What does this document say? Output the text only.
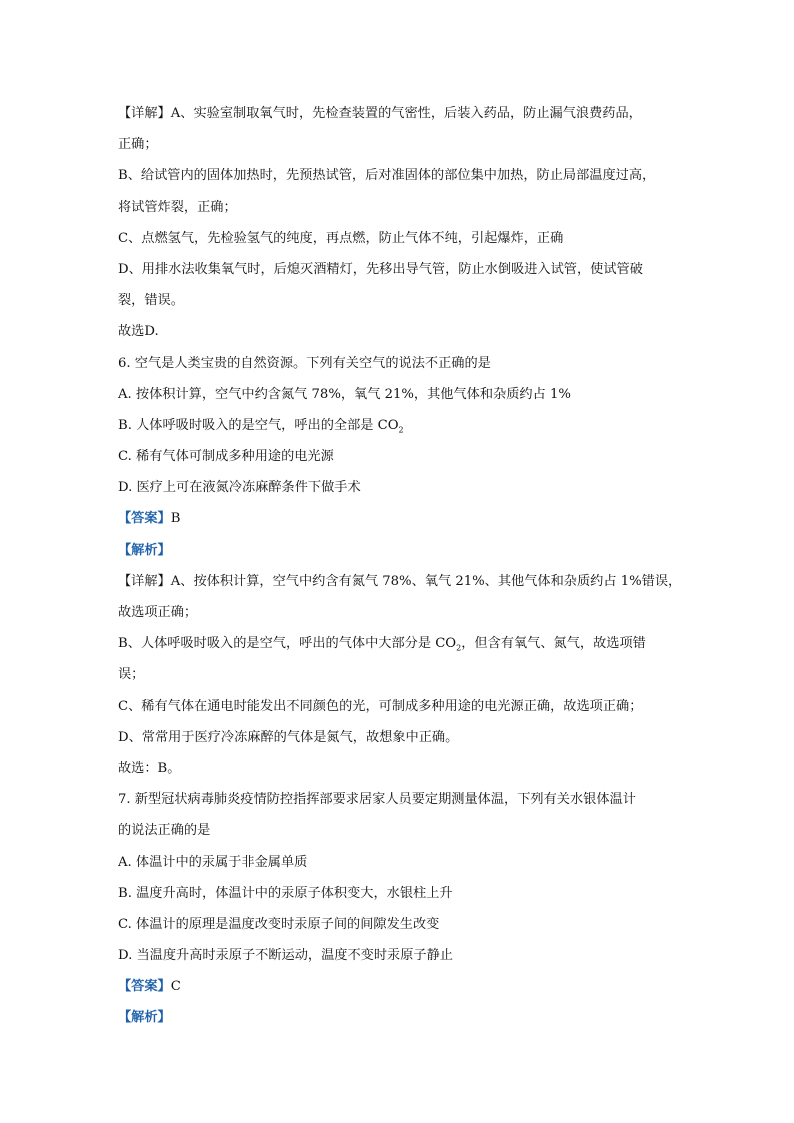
【详解】A、实验室制取氧气时，先检查装置的气密性，后装入药品，防止漏气浪费药品，
正确；
B、给试管内的固体加热时，先预热试管，后对准固体的部位集中加热，防止局部温度过高，
将试管炸裂，正确；
C、点燃氢气，先检验氢气的纯度，再点燃，防止气体不纯，引起爆炸，正确
D、用排水法收集氧气时，后熄灭酒精灯，先移出导气管，防止水倒吸进入试管，使试管破
裂，错误。
故选D.
6. 空气是人类宝贵的自然资源。下列有关空气的说法不正确的是
A. 按体积计算，空气中约含氮气 78%，氧气 21%，其他气体和杂质约占 1%
B. 人体呼吸时吸入的是空气，呼出的全部是 $CO_2$
C. 稀有气体可制成多种用途的电光源
D. 医疗上可在液氮冷冻麻醉条件下做手术
【答案】B
【解析】
【详解】A、按体积计算，空气中约含有氮气 78%、氧气 21%、其他气体和杂质约占 1%错误，
故选项正确；
B、人体呼吸时吸入的是空气，呼出的气体中大部分是 $CO_2$，但含有氧气、氮气，故选项错
误；
C、稀有气体在通电时能发出不同颜色的光，可制成多种用途的电光源正确，故选项正确；
D、常常用于医疗冷冻麻醉的气体是氮气，故想象中正确。
故选：B。
7. 新型冠状病毒肺炎疫情防控指挥部要求居家人员要定期测量体温，下列有关水银体温计
的说法正确的是
A. 体温计中的汞属于非金属单质
B. 温度升高时，体温计中的汞原子体积变大，水银柱上升
C. 体温计的原理是温度改变时汞原子间的间隙发生改变
D. 当温度升高时汞原子不断运动，温度不变时汞原子静止
【答案】C
【解析】
